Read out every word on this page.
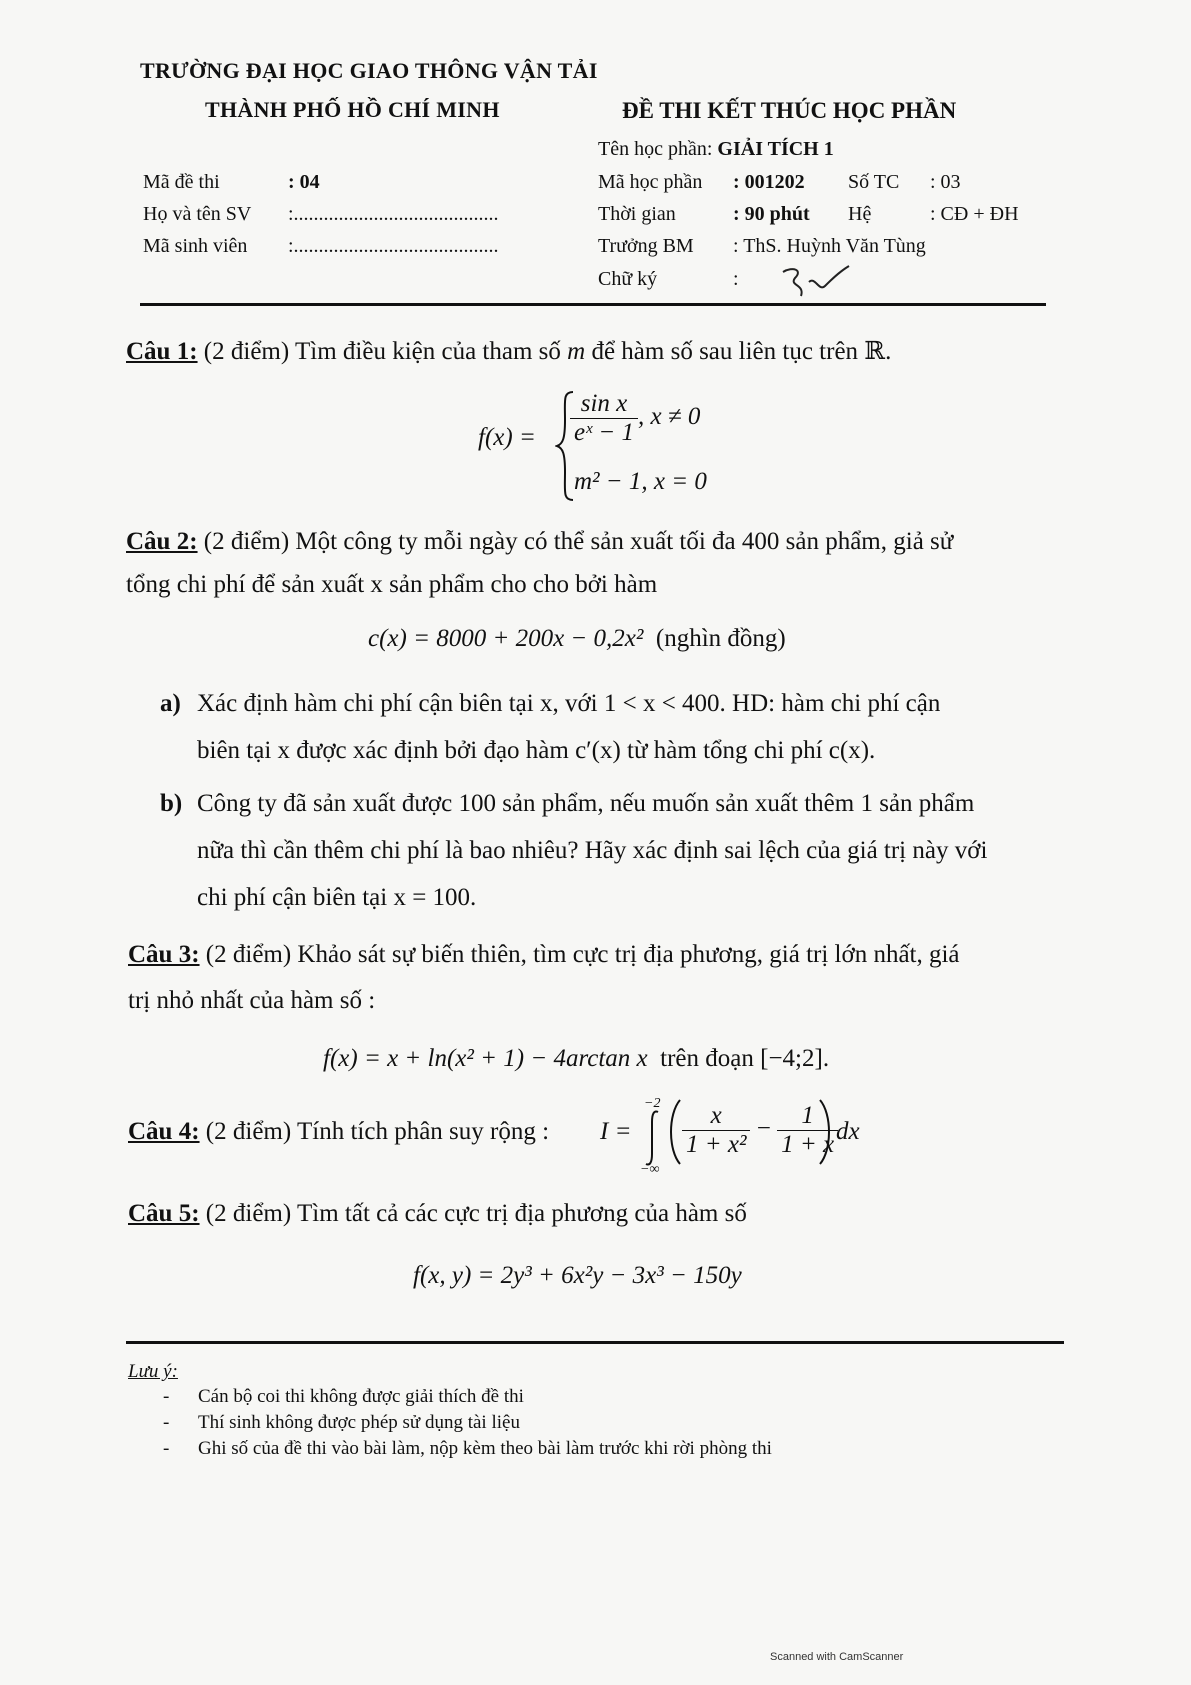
TRƯỜNG ĐẠI HỌC GIAO THÔNG VẬN TẢI
THÀNH PHỐ HỒ CHÍ MINH	ĐỀ THI KẾT THÚC HỌC PHẦN
Tên học phần: GIẢI TÍCH 1
Mã đề thi	: 04
Họ và tên SV :.........................................
Mã sinh viên :.........................................
Mã học phần : 001202 Số TC : 03
Thời gian	: 90 phút Hệ	: CĐ + ĐH
Trưởng BM : ThS. Huỳnh Văn Tùng
Chữ ký	:
Câu 1: (2 điểm) Tìm điều kiện của tham số m để hàm số sau liên tục trên ℝ.
$f(x) = \frac{\text{sin x}}{\text{eˣ − 1}}$ , x ≠ 0
m² − 1, x = 0
Câu 2: (2 điểm) Một công ty mỗi ngày có thể sản xuất tối đa 400 sản phẩm, giả sử
tổng chi phí để sản xuất x sản phẩm cho cho bởi hàm
c(x) = 8000 + 200x − 0,2x² (nghìn đồng)
a) Xác định hàm chi phí cận biên tại x, với 1 < x < 400. HD: hàm chi phí cận
biên tại x được xác định bởi đạo hàm c′(x) từ hàm tổng chi phí c(x).
b) Công ty đã sản xuất được 100 sản phẩm, nếu muốn sản xuất thêm 1 sản phẩm
nữa thì cần thêm chi phí là bao nhiêu? Hãy xác định sai lệch của giá trị này với
chi phí cận biên tại x = 100.
Câu 3: (2 điểm) Khảo sát sự biến thiên, tìm cực trị địa phương, giá trị lớn nhất, giá
trị nhỏ nhất của hàm số :
f(x) = x + ln(x² + 1) − 4arctan x trên đoạn [−4;2].
Câu 4: (2 điểm) Tính tích phân suy rộng : I =
−2
−∞
$\frac{x}{\text{1 + x²}} - \frac{1}{1 + x}$
dx
Câu 5: (2 điểm) Tìm tất cả các cực trị địa phương của hàm số
f(x, y) = 2y³ + 6x²y − 3x³ − 150y
Lưu ý:
- Cán bộ coi thi không được giải thích đề thi
- Thí sinh không được phép sử dụng tài liệu
- Ghi số của đề thi vào bài làm, nộp kèm theo bài làm trước khi rời phòng thi
Scanned with CamScanner
